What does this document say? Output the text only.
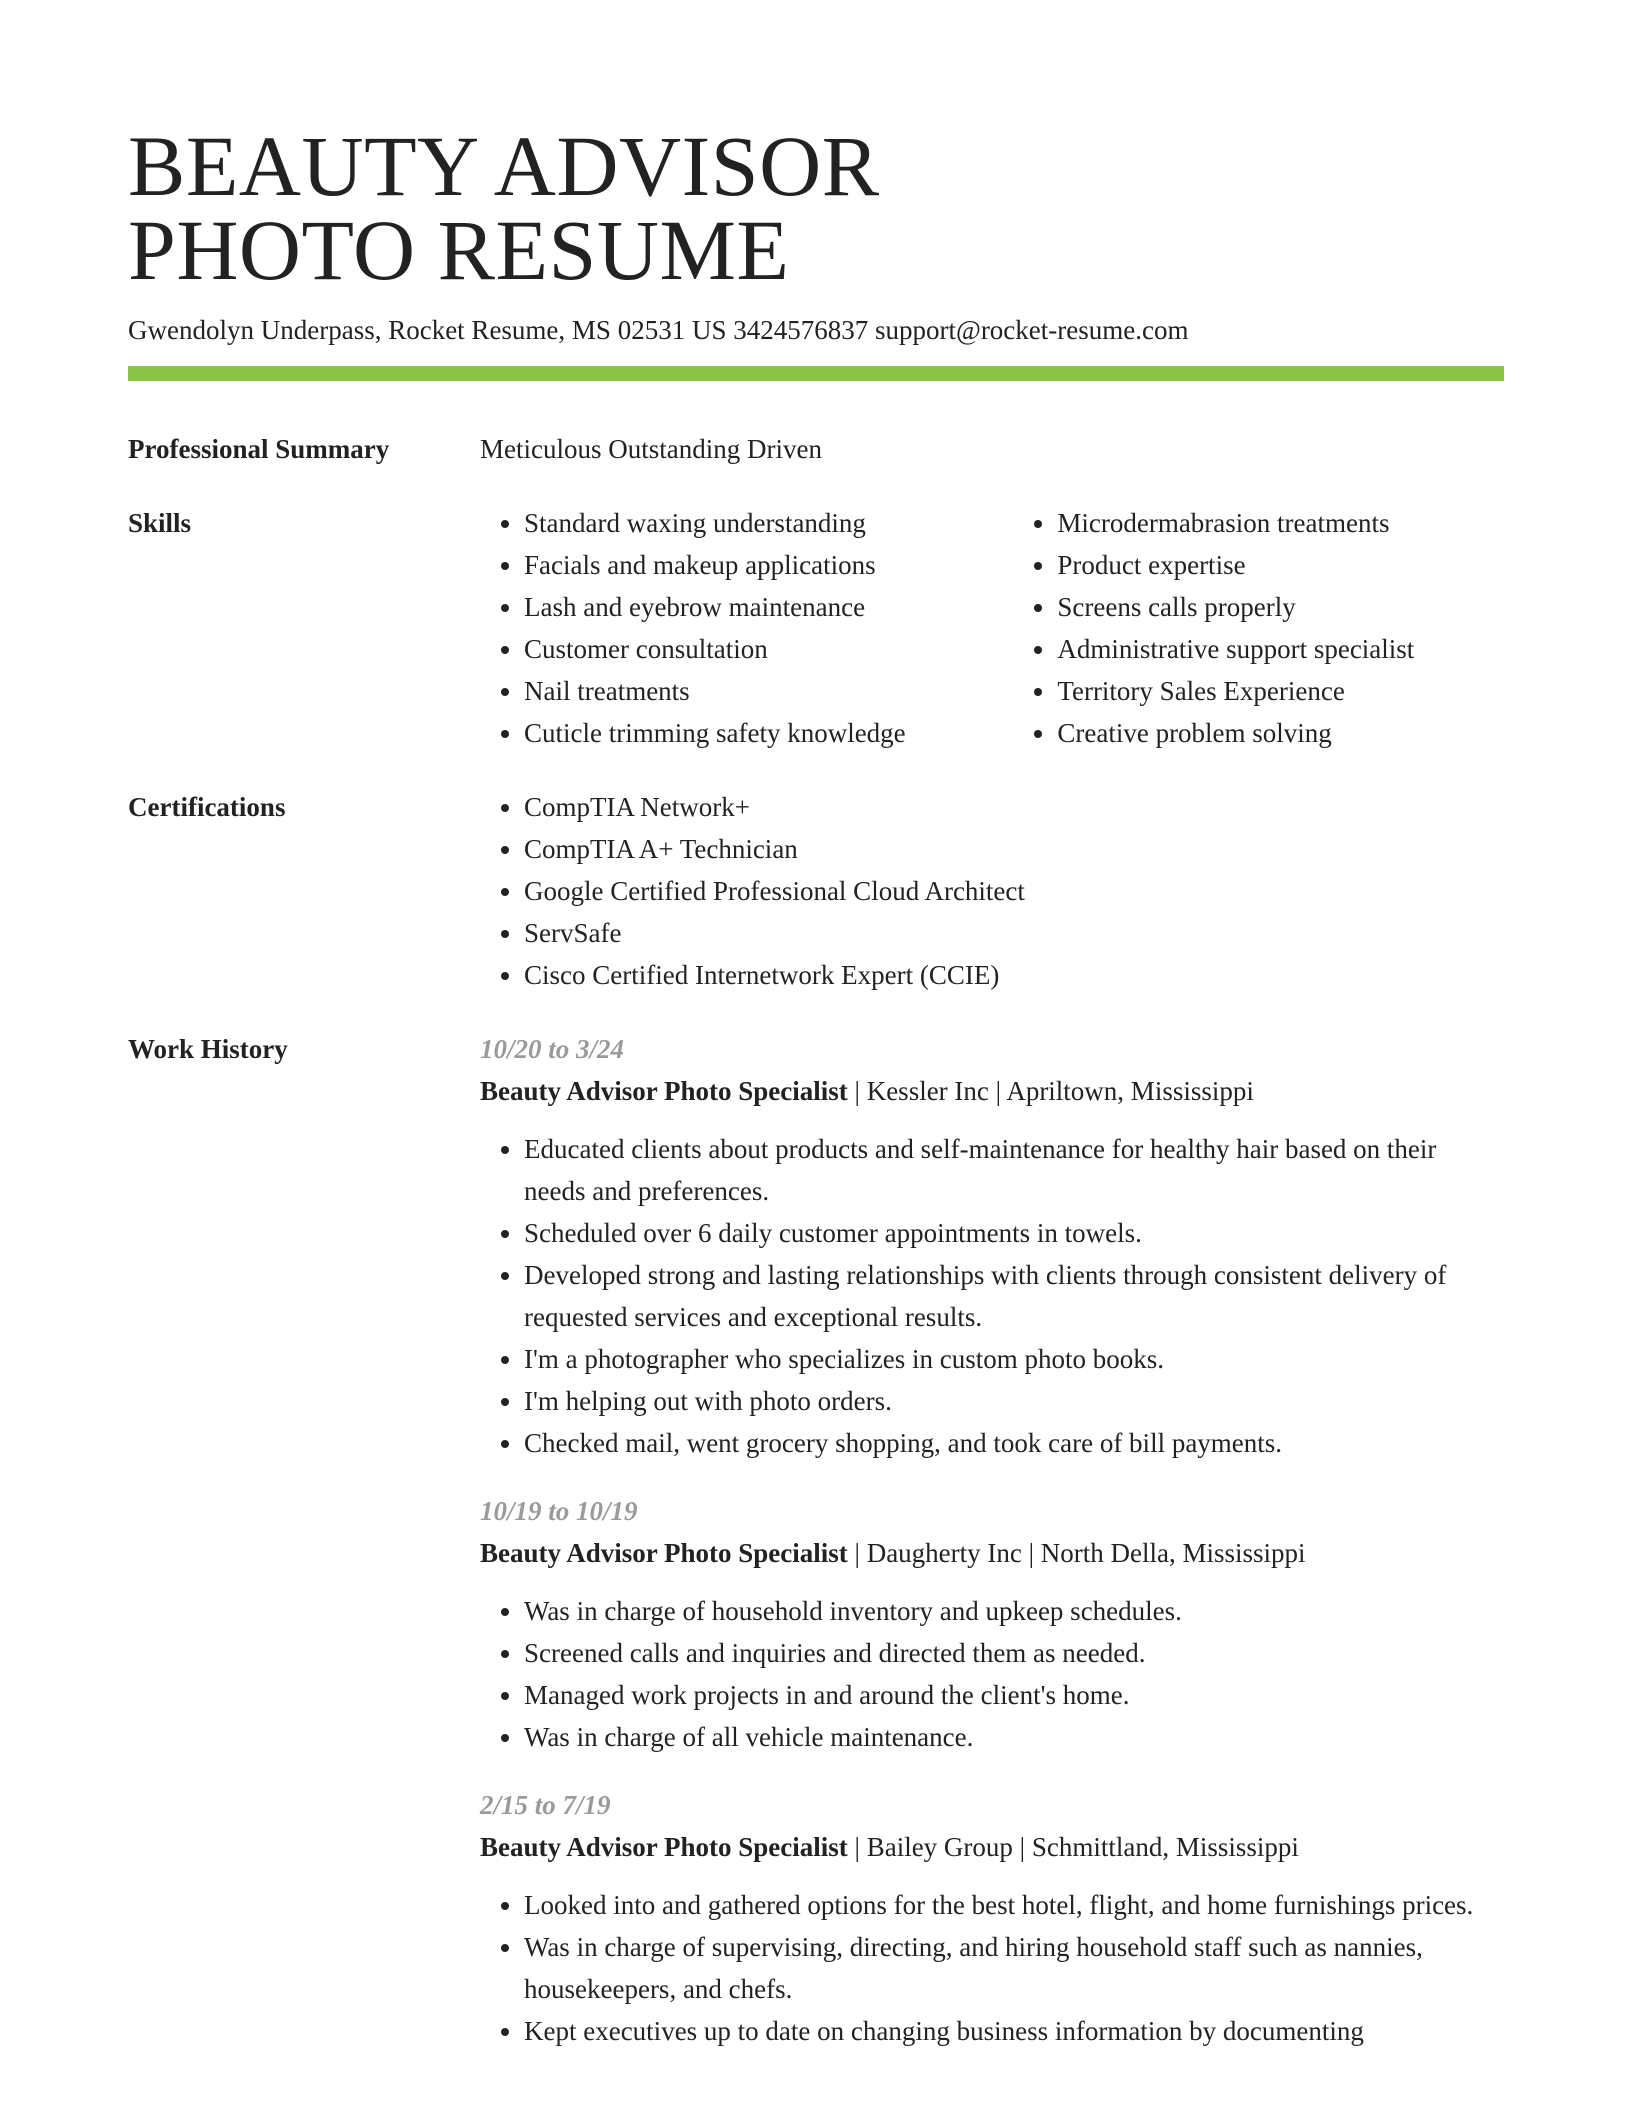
BEAUTY ADVISOR
PHOTO RESUME
Gwendolyn Underpass, Rocket Resume, MS 02531 US 3424576837 support@rocket-resume.com
Professional Summary	Meticulous Outstanding Driven
Skills	• Standard waxing understanding
• Facials and makeup applications
• Lash and eyebrow maintenance
• Customer consultation
• Nail treatments
• Cuticle trimming safety knowledge
• Microdermabrasion treatments
• Product expertise
• Screens calls properly
• Administrative support specialist
• Territory Sales Experience
• Creative problem solving
Certifications	• CompTIA Network+
• CompTIA A+ Technician
• Google Certified Professional Cloud Architect
• ServSafe
• Cisco Certified Internetwork Expert (CCIE)
Work History	10/20 to 3/24
Beauty Advisor Photo Specialist | Kessler Inc | Apriltown, Mississippi
• Educated clients about products and self-maintenance for healthy hair based on their needs and preferences.
• Scheduled over 6 daily customer appointments in towels.
• Developed strong and lasting relationships with clients through consistent delivery of requested services and exceptional results.
• I'm a photographer who specializes in custom photo books.
• I'm helping out with photo orders.
• Checked mail, went grocery shopping, and took care of bill payments.
10/19 to 10/19
Beauty Advisor Photo Specialist | Daugherty Inc | North Della, Mississippi
• Was in charge of household inventory and upkeep schedules.
• Screened calls and inquiries and directed them as needed.
• Managed work projects in and around the client's home.
• Was in charge of all vehicle maintenance.
2/15 to 7/19
Beauty Advisor Photo Specialist | Bailey Group | Schmittland, Mississippi
• Looked into and gathered options for the best hotel, flight, and home furnishings prices.
• Was in charge of supervising, directing, and hiring household staff such as nannies, housekeepers, and chefs.
• Kept executives up to date on changing business information by documenting
